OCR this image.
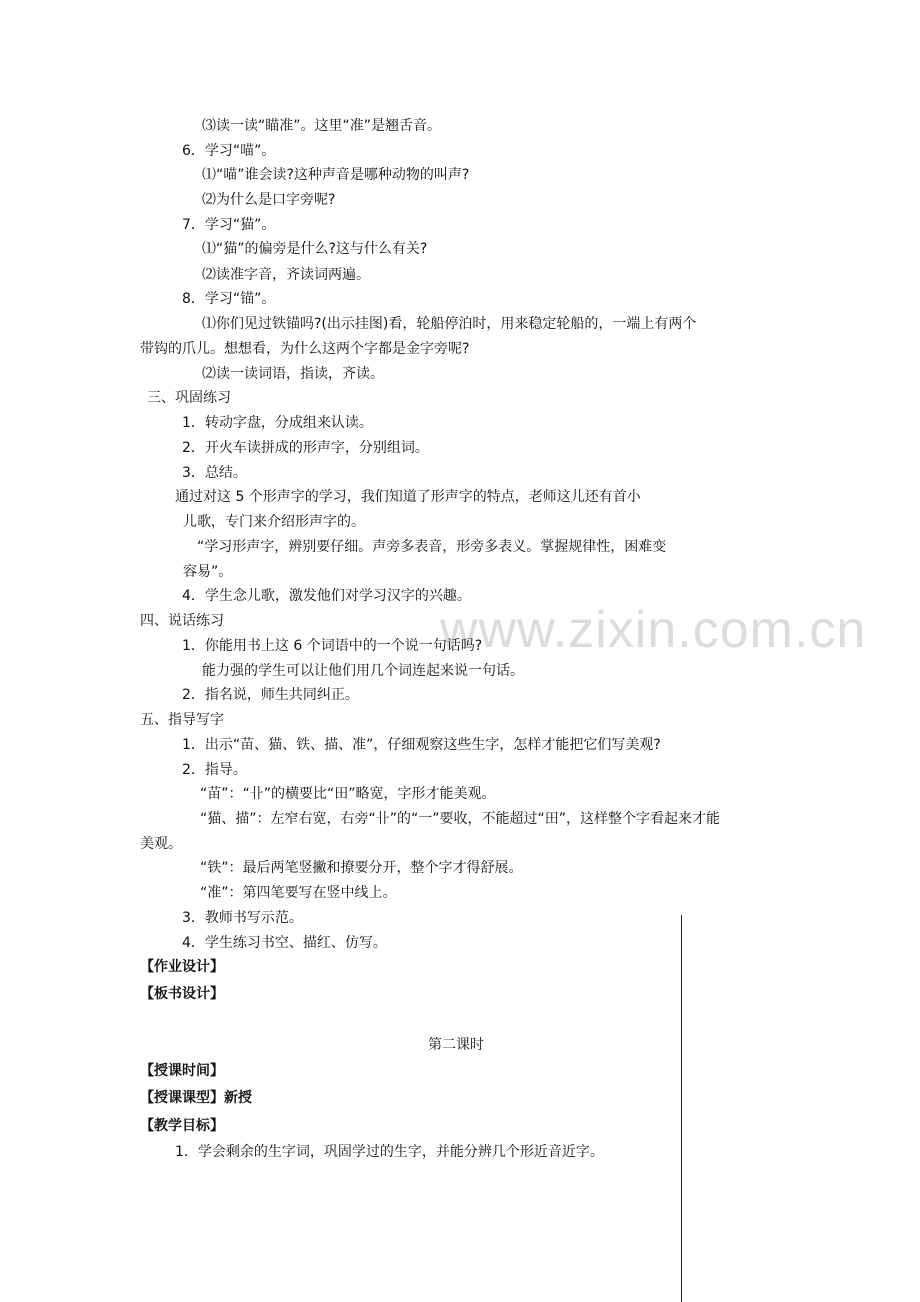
www.zixin.com.cn
⑶读一读“瞄准”。这里“准”是翘舌音。
6．学习“喵”。
⑴“喵”谁会读?这种声音是哪种动物的叫声?
⑵为什么是口字旁呢?
7．学习“猫”。
⑴“猫”的偏旁是什么?这与什么有关?
⑵读准字音，齐读词两遍。
8．学习“锚”。
⑴你们见过铁锚吗?(出示挂图)看，轮船停泊时，用来稳定轮船的，一端上有两个
带钩的爪儿。想想看，为什么这两个字都是金字旁呢?
⑵读一读词语，指读，齐读。
三、巩固练习
1．转动字盘，分成组来认读。
2．开火车读拼成的形声字，分别组词。
3．总结。
通过对这 5 个形声字的学习，我们知道了形声字的特点，老师这儿还有首小
儿歌，专门来介绍形声字的。
“学习形声字，辨别要仔细。声旁多表音，形旁多表义。掌握规律性，困难变
容易”。
4．学生念儿歌，激发他们对学习汉字的兴趣。
四、说话练习
1．你能用书上这 6 个词语中的一个说一句话吗?
能力强的学生可以让他们用几个词连起来说一句话。
2．指名说，师生共同纠正。
五、指导写字
1．出示“苗、猫、铁、描、准”，仔细观察这些生字，怎样才能把它们写美观?
2．指导。
“苗”：“卝”的横要比“田”略宽，字形才能美观。
“猫、描”：左窄右宽，右旁“卝”的“一”要收，不能超过“田”，这样整个字看起来才能
美观。
“铁”：最后两笔竖撇和撩要分开，整个字才得舒展。
“准”：第四笔要写在竖中线上。
3．教师书写示范。
4．学生练习书空、描红、仿写。
【作业设计】
【板书设计】
第二课时
【授课时间】
【授课课型】新授
【教学目标】
1．学会剩余的生字词，巩固学过的生字，并能分辨几个形近音近字。
